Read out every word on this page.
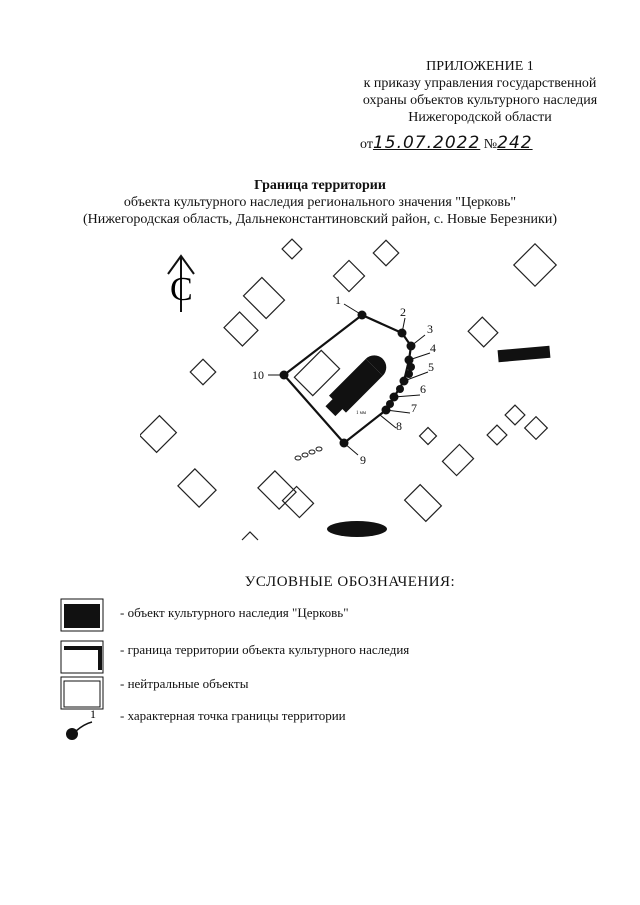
ПРИЛОЖЕНИЕ 1
к приказу управления государственной
охраны объектов культурного наследия
Нижегородской области
от15.07.2022 №242
Граница территории
объекта культурного наследия регионального значения "Церковь"
(Нижегородская область, Дальнеконстантиновский район, с. Новые Березники)
С
1 мм
1
2
3
4
5
6
7
8
9
10
УСЛОВНЫЕ ОБОЗНАЧЕНИЯ:
- объект культурного наследия "Церковь"
- граница территории объекта культурного наследия
- нейтральные объекты
1 - характерная точка границы территории
